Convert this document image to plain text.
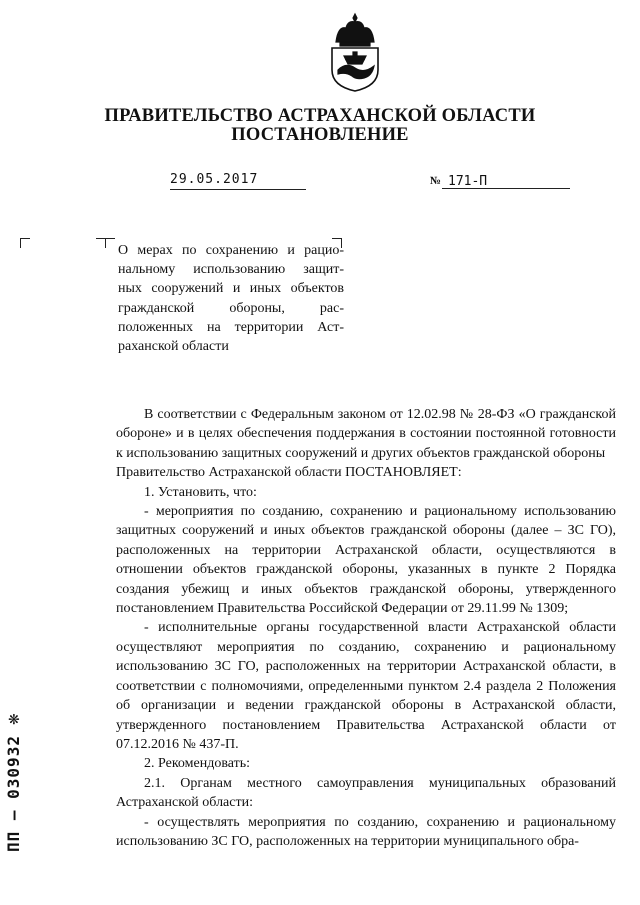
ПРАВИТЕЛЬСТВО АСТРАХАНСКОЙ ОБЛАСТИ
ПОСТАНОВЛЕНИЕ
29.05.2017	№ 171-П
О мерах по сохранению и рацио-
нальному использованию защит-
ных сооружений и иных объектов
гражданской обороны, рас-
положенных на территории Аст-
раханской области

В соответствии с Федеральным законом от 12.02.98 № 28-ФЗ «О гражданской обороне» и в целях обеспечения поддержания в состоянии постоянной готовности к использованию защитных сооружений и других объектов гражданской обороны

Правительство Астраханской области ПОСТАНОВЛЯЕТ:

1. Установить, что:

- мероприятия по созданию, сохранению и рациональному использованию защитных сооружений и иных объектов гражданской обороны (далее – ЗС ГО), расположенных на территории Астраханской области, осуществляются в отношении объектов гражданской обороны, указанных в пункте 2 Порядка создания убежищ и иных объектов гражданской обороны, утвержденного постановлением Правительства Российской Федерации от 29.11.99 № 1309;

- исполнительные органы государственной власти Астраханской области осуществляют мероприятия по созданию, сохранению и рациональному использованию ЗС ГО, расположенных на территории Астраханской области, в соответствии с полномочиями, определенными пунктом 2.4 раздела 2 Положения об организации и ведении гражданской обороны в Астраханской области, утвержденного постановлением Правительства Астраханской области от 07.12.2016 № 437-П.

2. Рекомендовать:

2.1. Органам местного самоуправления муниципальных образований Астраханской области:

- осуществлять мероприятия по созданию, сохранению и рациональному использованию ЗС ГО, расположенных на территории муниципального обра-

ПП – 030932 ❋
